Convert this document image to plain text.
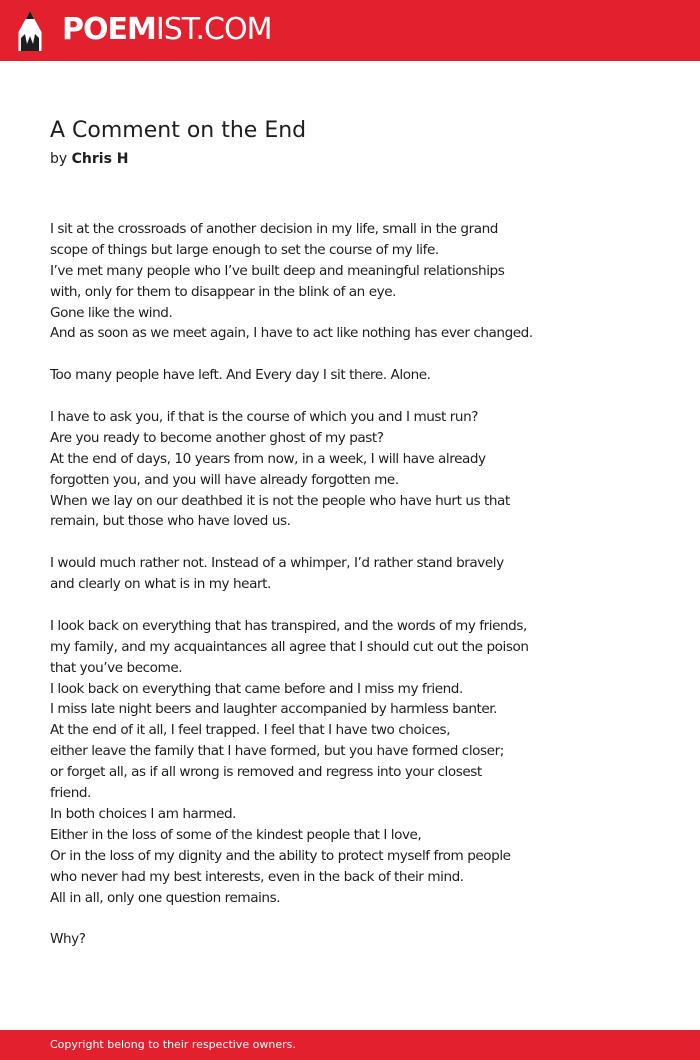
POEMIST.COM
A Comment on the End
by Chris H
I sit at the crossroads of another decision in my life, small in the grand
scope of things but large enough to set the course of my life.
I’ve met many people who I’ve built deep and meaningful relationships
with, only for them to disappear in the blink of an eye.
Gone like the wind.
And as soon as we meet again, I have to act like nothing has ever changed.
Too many people have left. And Every day I sit there. Alone.
I have to ask you, if that is the course of which you and I must run?
Are you ready to become another ghost of my past?
At the end of days, 10 years from now, in a week, I will have already
forgotten you, and you will have already forgotten me.
When we lay on our deathbed it is not the people who have hurt us that
remain, but those who have loved us.
I would much rather not. Instead of a whimper, I’d rather stand bravely
and clearly on what is in my heart.
I look back on everything that has transpired, and the words of my friends,
my family, and my acquaintances all agree that I should cut out the poison
that you’ve become.
I look back on everything that came before and I miss my friend.
I miss late night beers and laughter accompanied by harmless banter.
At the end of it all, I feel trapped. I feel that I have two choices,
either leave the family that I have formed, but you have formed closer;
or forget all, as if all wrong is removed and regress into your closest
friend.
In both choices I am harmed.
Either in the loss of some of the kindest people that I love,
Or in the loss of my dignity and the ability to protect myself from people
who never had my best interests, even in the back of their mind.
All in all, only one question remains.
Why?
Copyright belong to their respective owners.
